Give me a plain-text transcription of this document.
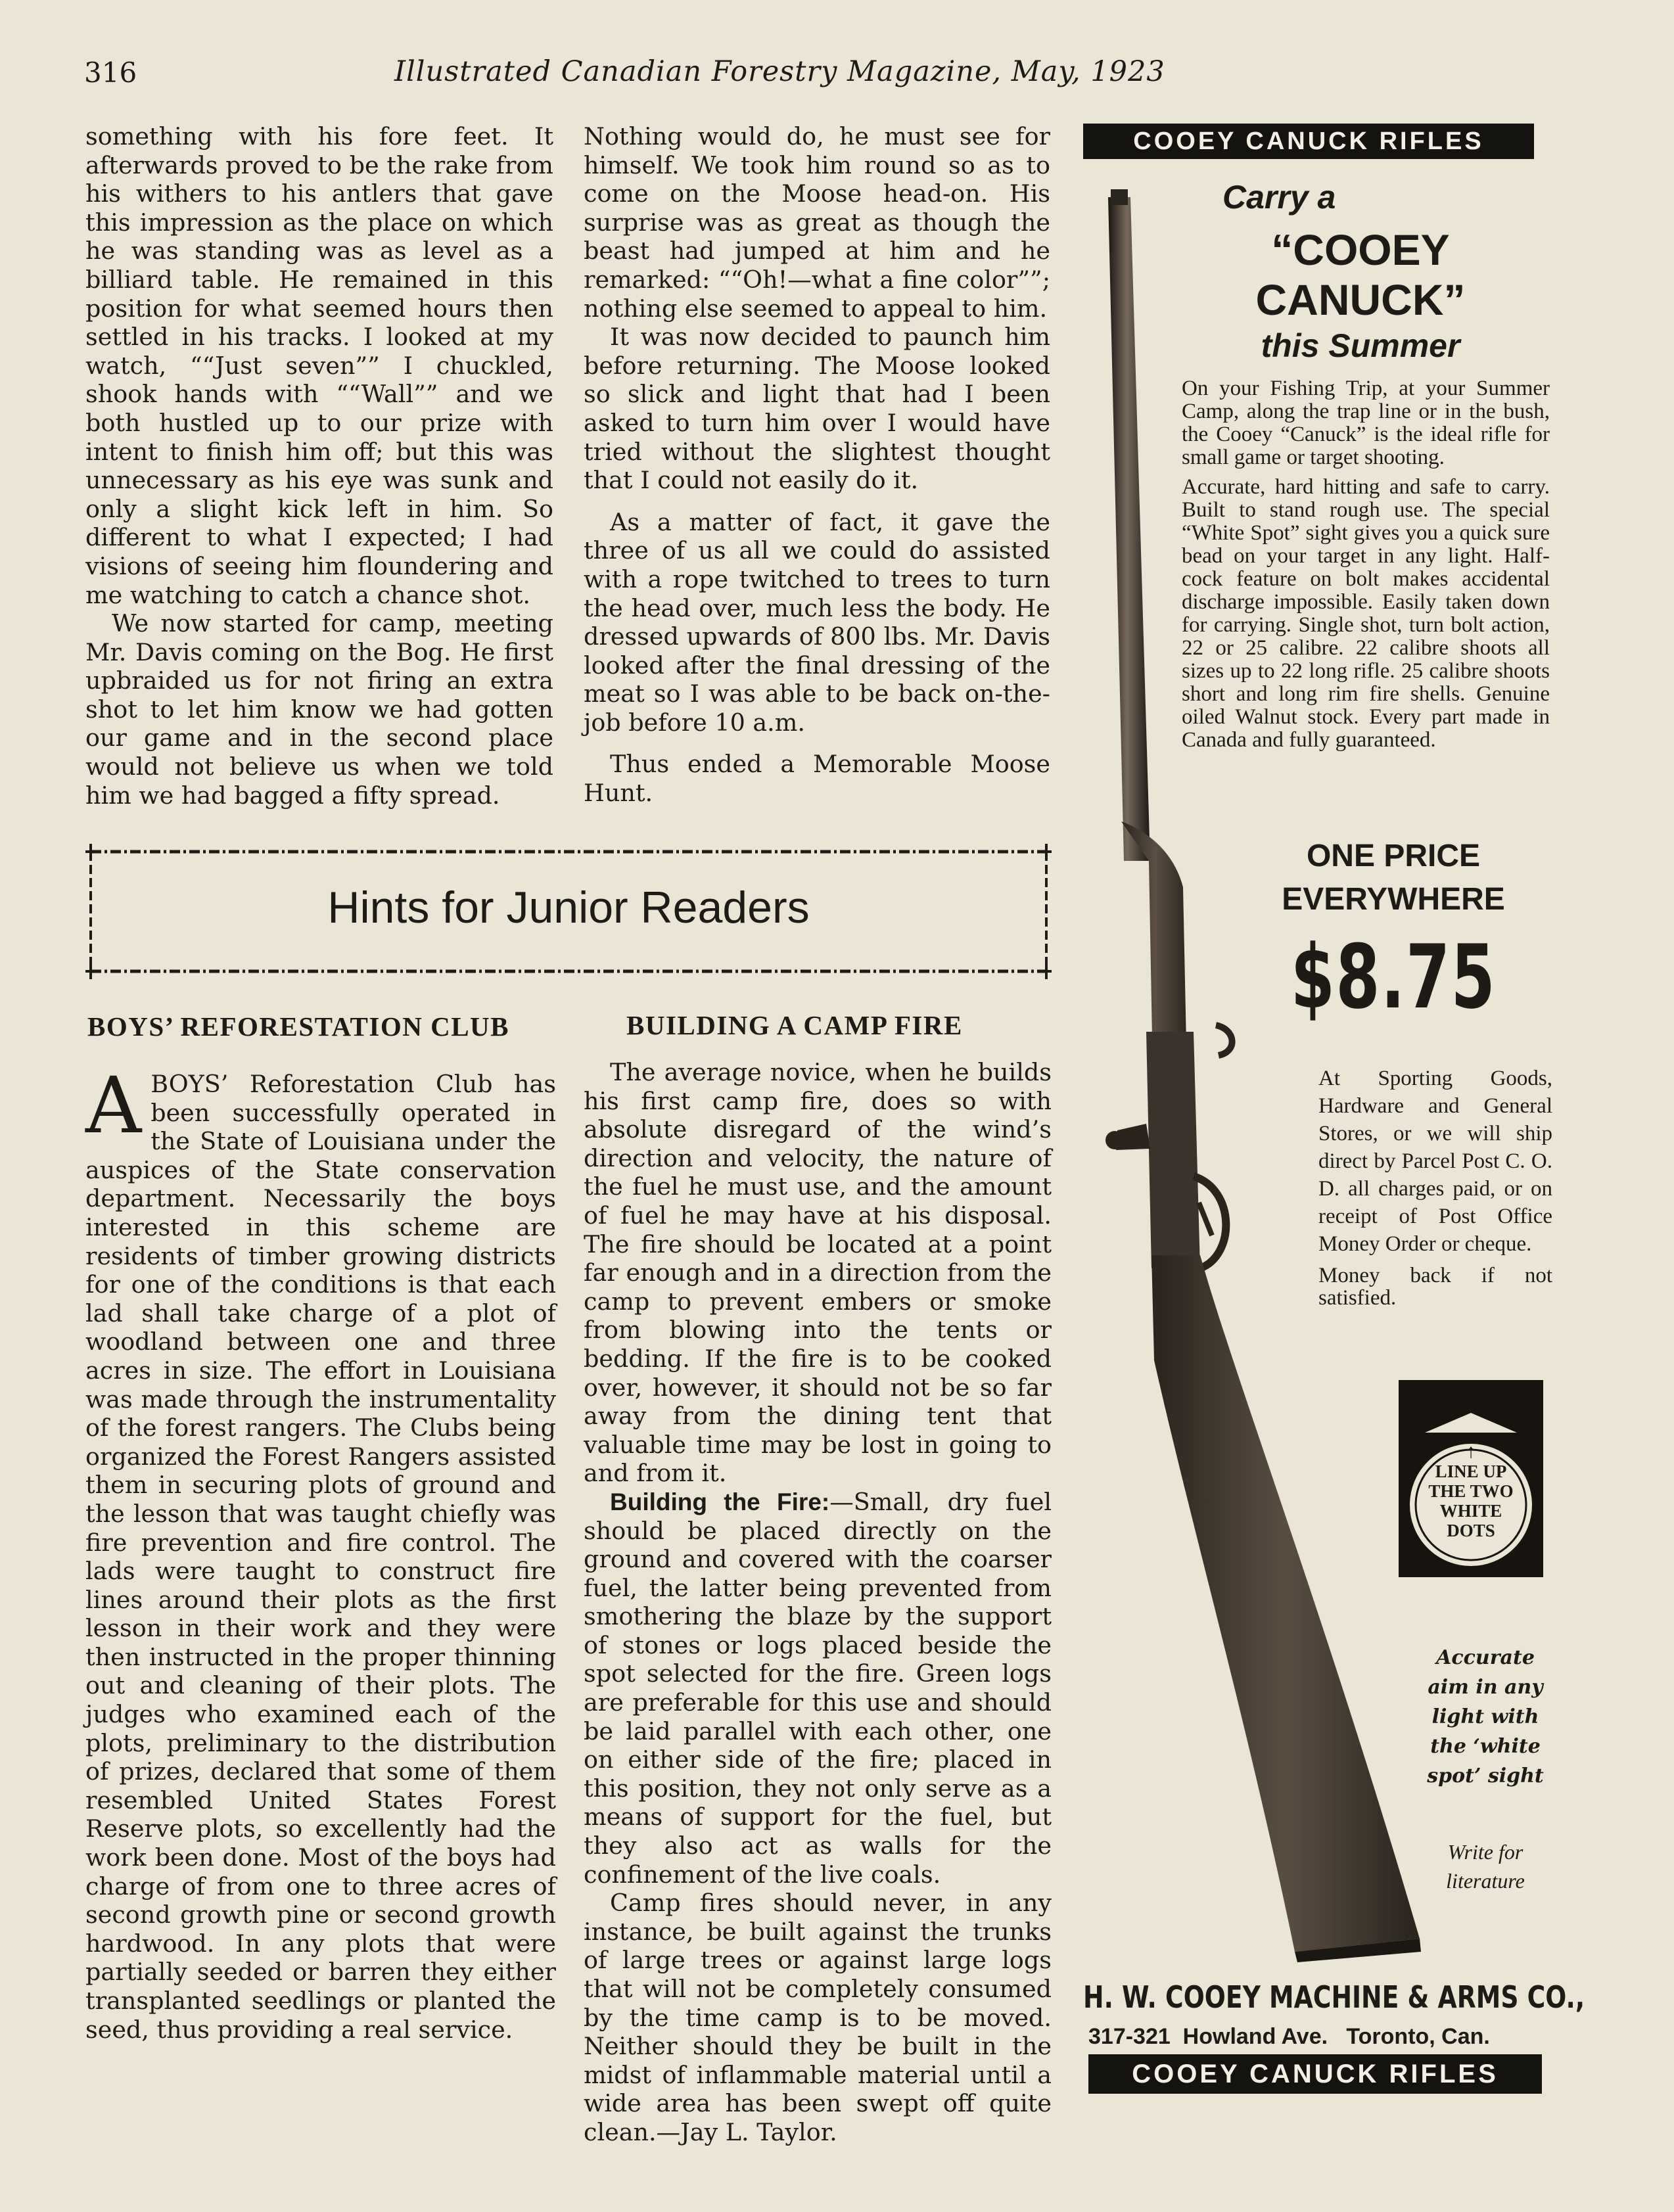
316	Illustrated Canadian Forestry Magazine, May, 1923

something with his fore feet. It afterwards proved to be the rake from his withers to his antlers that gave this impression as the place on which he was standing was as level as a billiard table. He remained in this position for what seemed hours then settled in his tracks. I looked at my watch, ““Just seven”” I chuckled, shook hands with ““Wall”” and we both hustled up to our prize with intent to finish him off; but this was unnecessary as his eye was sunk and only a slight kick left in him. So different to what I expected; I had visions of seeing him floundering and me watching to catch a chance shot.

We now started for camp, meeting Mr. Davis coming on the Bog. He first upbraided us for not firing an extra shot to let him know we had gotten our game and in the second place would not believe us when we told him we had bagged a fifty spread.

Nothing would do, he must see for himself. We took him round so as to come on the Moose head-on. His surprise was as great as though the beast had jumped at him and he remarked: ““Oh!—what a fine color””; nothing else seemed to appeal to him.

It was now decided to paunch him before returning. The Moose looked so slick and light that had I been asked to turn him over I would have tried without the slightest thought that I could not easily do it.

As a matter of fact, it gave the three of us all we could do assisted with a rope twitched to trees to turn the head over, much less the body. He dressed upwards of 800 lbs. Mr. Davis looked after the final dressing of the meat so I was able to be back on-the-job before 10 a.m.

Thus ended a Memorable Moose Hunt.

Hints for Junior Readers
BOYS’ REFORESTATION CLUB
A BOYS’ Reforestation Club has been successfully operated in the State of Louisiana under the auspices of the State conservation department. Necessarily the boys interested in this scheme are residents of timber growing districts for one of the conditions is that each lad shall take charge of a plot of woodland between one and three acres in size. The effort in Louisiana was made through the instrumentality of the forest rangers. The Clubs being organized the Forest Rangers assisted them in securing plots of ground and the lesson that was taught chiefly was fire prevention and fire control. The lads were taught to construct fire lines around their plots as the first lesson in their work and they were then instructed in the proper thinning out and cleaning of their plots. The judges who examined each of the plots, preliminary to the distribution of prizes, declared that some of them resembled United States Forest Reserve plots, so excellently had the work been done. Most of the boys had charge of from one to three acres of second growth pine or second growth hardwood. In any plots that were partially seeded or barren they either transplanted seedlings or planted the seed, thus providing a real service.

BUILDING A CAMP FIRE

The average novice, when he builds his first camp fire, does so with absolute disregard of the wind’s direction and velocity, the nature of the fuel he must use, and the amount of fuel he may have at his disposal. The fire should be located at a point far enough and in a direction from the camp to prevent embers or smoke from blowing into the tents or bedding. If the fire is to be cooked over, however, it should not be so far away from the dining tent that valuable time may be lost in going to and from it.

Building the Fire:—Small, dry fuel should be placed directly on the ground and covered with the coarser fuel, the latter being prevented from smothering the blaze by the support of stones or logs placed beside the spot selected for the fire. Green logs are preferable for this use and should be laid parallel with each other, one on either side of the fire; placed in this position, they not only serve as a means of support for the fuel, but they also act as walls for the confinement of the live coals.

Camp fires should never, in any instance, be built against the trunks of large trees or against large logs that will not be completely consumed by the time camp is to be moved. Neither should they be built in the midst of inflammable material until a wide area has been swept off quite clean.—Jay L. Taylor.

COOEY CANUCK RIFLES
Carry a
“COOEY
CANUCK”
this Summer

On your Fishing Trip, at your Summer Camp, along the trap line or in the bush, the Cooey “Canuck” is the ideal rifle for small game or target shooting.

Accurate, hard hitting and safe to carry. Built to stand rough use. The special “White Spot” sight gives you a quick sure bead on your target in any light. Half-cock feature on bolt makes accidental discharge impossible. Easily taken down for carrying. Single shot, turn bolt action, 22 or 25 calibre. 22 calibre shoots all sizes up to 22 long rifle. 25 calibre shoots short and long rim fire shells. Genuine oiled Walnut stock. Every part made in Canada and fully guaranteed.

ONE PRICE
EVERYWHERE
$8.75

At Sporting Goods, Hardware and General Stores, or we will ship direct by Parcel Post C. O. D. all charges paid, or on receipt of Post Office Money Order or cheque.

Money back if not satisfied.

↑
LINE UP
THE TWO
WHITE
DOTS
Accurate
aim in any
light with
the ‘white
spot’ sight
Write for
literature
H. W. COOEY MACHINE & ARMS CO.,
317-321  Howland Ave.   Toronto, Can.
COOEY CANUCK RIFLES
